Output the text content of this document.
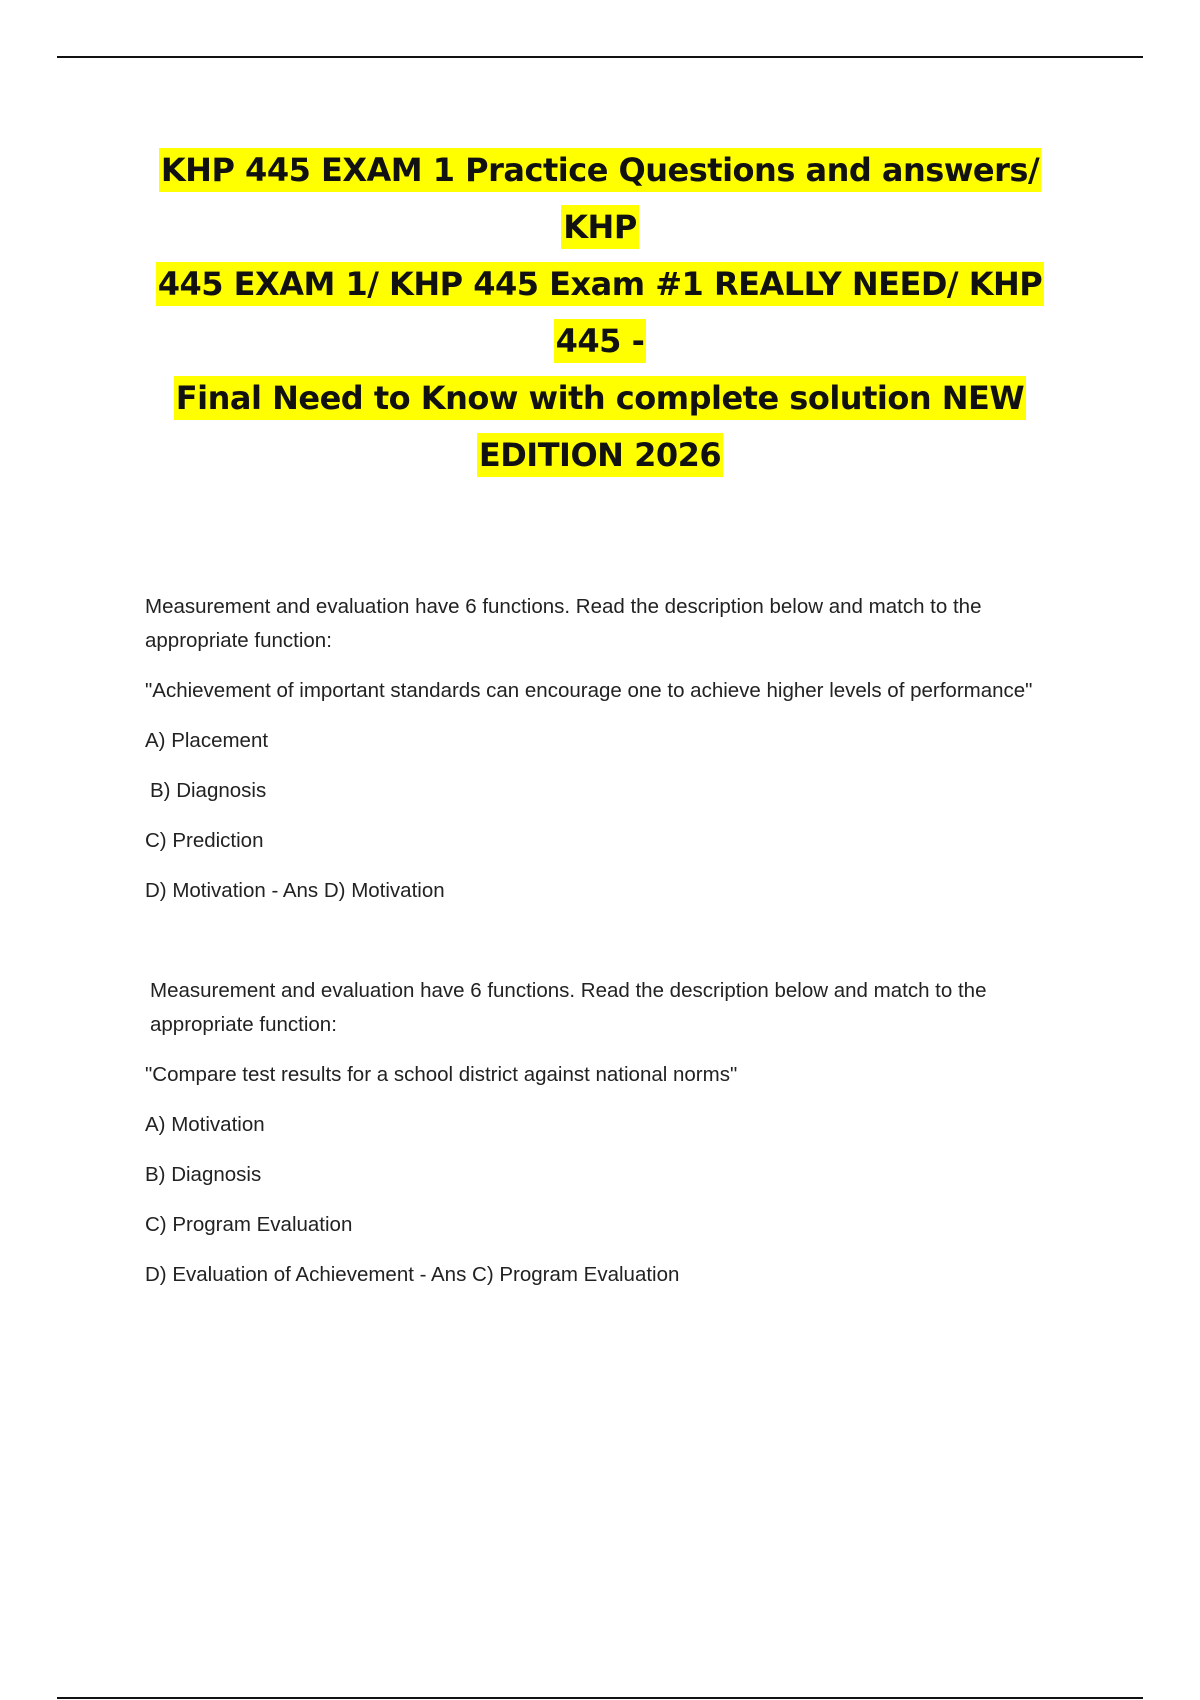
KHP 445 EXAM 1 Practice Questions and answers/ KHP
445 EXAM 1/ KHP 445 Exam #1 REALLY NEED/ KHP 445 -
Final Need to Know with complete solution NEW
EDITION 2026

Measurement and evaluation have 6 functions. Read the description below and match to the appropriate function:

"Achievement of important standards can encourage one to achieve higher levels of performance"

A) Placement

B) Diagnosis

C) Prediction

D) Motivation - Ans D) Motivation

Measurement and evaluation have 6 functions. Read the description below and match to the appropriate function:

"Compare test results for a school district against national norms"

A) Motivation

B) Diagnosis

C) Program Evaluation

D) Evaluation of Achievement - Ans C) Program Evaluation
